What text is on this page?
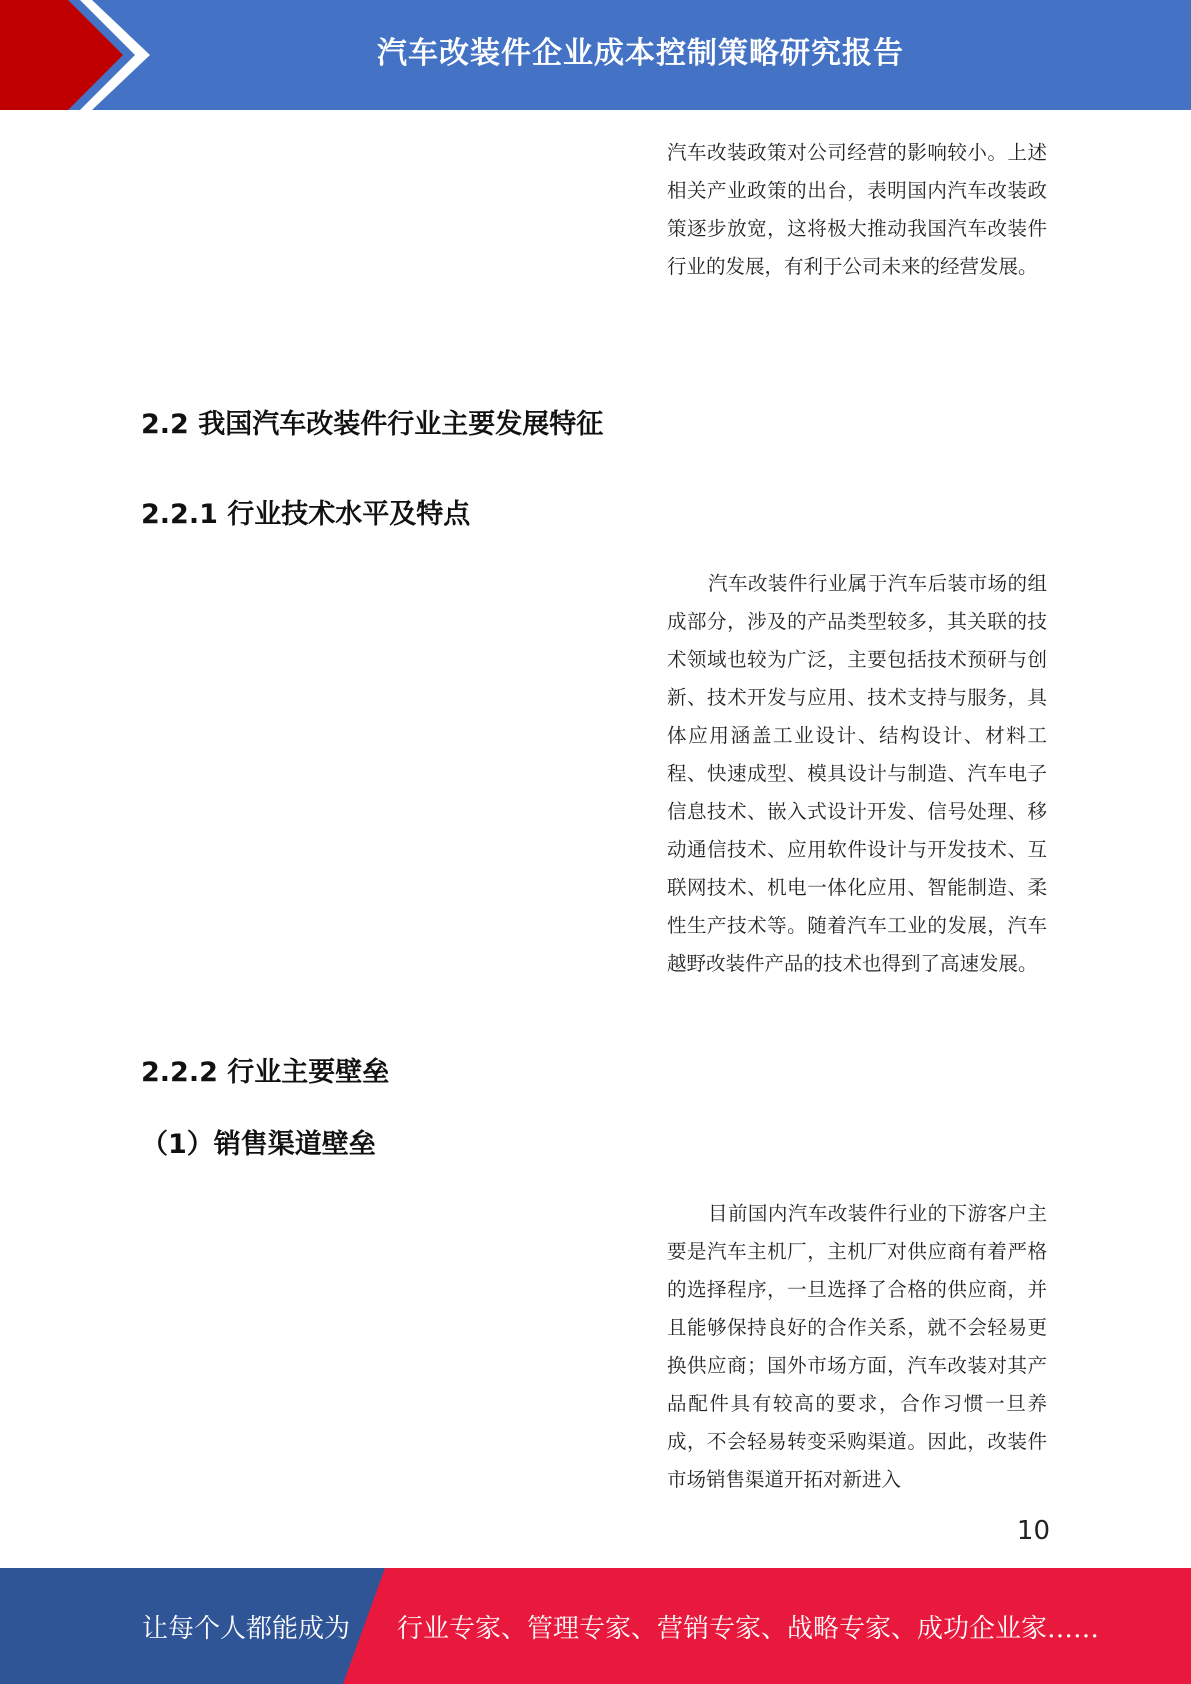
汽车改装件企业成本控制策略研究报告
汽车改装政策对公司经营的影响较小。上述相关产业政策的出台，表明国内汽车改装政策逐步放宽，这将极大推动我国汽车改装件行业的发展，有利于公司未来的经营发展。
2.2 我国汽车改装件行业主要发展特征
2.2.1 行业技术水平及特点
汽车改装件行业属于汽车后装市场的组成部分，涉及的产品类型较多，其关联的技术领域也较为广泛，主要包括技术预研与创新、技术开发与应用、技术支持与服务，具体应用涵盖工业设计、结构设计、材料工程、快速成型、模具设计与制造、汽车电子信息技术、嵌入式设计开发、信号处理、移动通信技术、应用软件设计与开发技术、互联网技术、机电一体化应用、智能制造、柔性生产技术等。随着汽车工业的发展，汽车越野改装件产品的技术也得到了高速发展。
2.2.2 行业主要壁垒
（1）销售渠道壁垒
目前国内汽车改装件行业的下游客户主要是汽车主机厂，主机厂对供应商有着严格的选择程序，一旦选择了合格的供应商，并且能够保持良好的合作关系，就不会轻易更换供应商；国外市场方面，汽车改装对其产品配件具有较高的要求，合作习惯一旦养成，不会轻易转变采购渠道。因此，改装件市场销售渠道开拓对新进入
10
让每个人都能成为 行业专家、管理专家、营销专家、战略专家、成功企业家……
